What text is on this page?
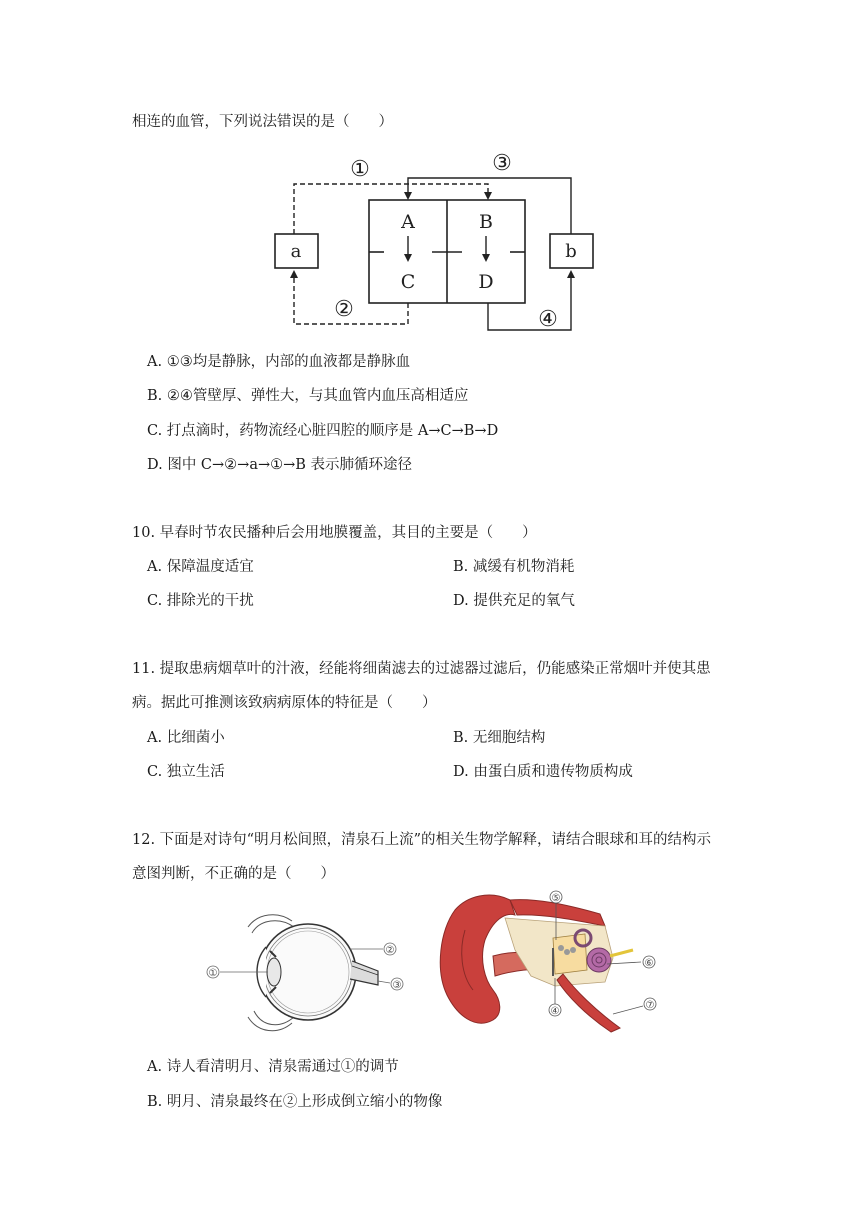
相连的血管，下列说法错误的是（　　）
A	B
C	D
a	b
①	③
②	④
A. ①③均是静脉，内部的血液都是静脉血
B. ②④管壁厚、弹性大，与其血管内血压高相适应
C. 打点滴时，药物流经心脏四腔的顺序是 A→C→B→D
D. 图中 C→②→a→①→B 表示肺循环途径
10. 早春时节农民播种后会用地膜覆盖，其目的主要是（　　）
A. 保障温度适宜	B. 减缓有机物消耗
C. 排除光的干扰	D. 提供充足的氧气
11. 提取患病烟草叶的汁液，经能将细菌滤去的过滤器过滤后，仍能感染正常烟叶并使其患
病。据此可推测该致病病原体的特征是（　　）
A. 比细菌小	B. 无细胞结构
C. 独立生活	D. 由蛋白质和遗传物质构成
12. 下面是对诗句“明月松间照，清泉石上流”的相关生物学解释，请结合眼球和耳的结构示
意图判断，不正确的是（　　）
①
②
③
⑤
⑥
④
⑦
A. 诗人看清明月、清泉需通过①的调节
B. 明月、清泉最终在②上形成倒立缩小的物像
